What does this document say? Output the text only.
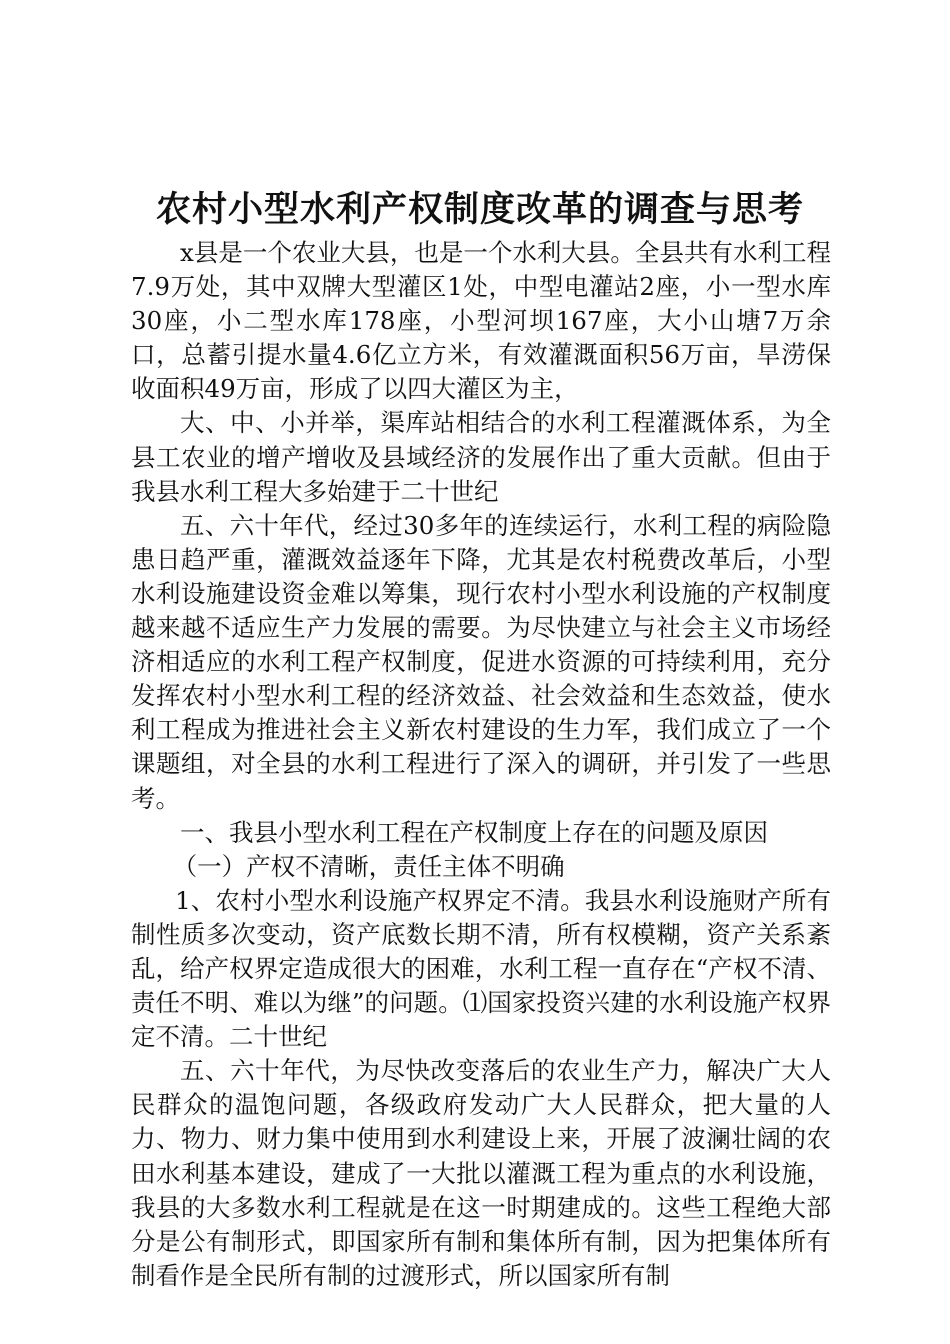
农村小型水利产权制度改革的调查与思考

x县是一个农业大县，也是一个水利大县。全县共有水利工程7.9万处，其中双牌大型灌区1处，中型电灌站2座，小一型水库30座，小二型水库178座，小型河坝167座，大小山塘7万余口，总蓄引提水量4.6亿立方米，有效灌溉面积56万亩，旱涝保收面积49万亩，形成了以四大灌区为主，

大、中、小并举，渠库站相结合的水利工程灌溉体系，为全县工农业的增产增收及县域经济的发展作出了重大贡献。但由于我县水利工程大多始建于二十世纪

五、六十年代，经过30多年的连续运行，水利工程的病险隐患日趋严重，灌溉效益逐年下降，尤其是农村税费改革后，小型水利设施建设资金难以筹集，现行农村小型水利设施的产权制度越来越不适应生产力发展的需要。为尽快建立与社会主义市场经济相适应的水利工程产权制度，促进水资源的可持续利用，充分发挥农村小型水利工程的经济效益、社会效益和生态效益，使水利工程成为推进社会主义新农村建设的生力军，我们成立了一个课题组，对全县的水利工程进行了深入的调研，并引发了一些思考。

一、我县小型水利工程在产权制度上存在的问题及原因

（一）产权不清晰，责任主体不明确

1、农村小型水利设施产权界定不清。我县水利设施财产所有制性质多次变动，资产底数长期不清，所有权模糊，资产关系紊乱，给产权界定造成很大的困难，水利工程一直存在“产权不清、责任不明、难以为继”的问题。⑴国家投资兴建的水利设施产权界定不清。二十世纪

五、六十年代，为尽快改变落后的农业生产力，解决广大人民群众的温饱问题，各级政府发动广大人民群众，把大量的人力、物力、财力集中使用到水利建设上来，开展了波澜壮阔的农田水利基本建设，建成了一大批以灌溉工程为重点的水利设施，我县的大多数水利工程就是在这一时期建成的。这些工程绝大部分是公有制形式，即国家所有制和集体所有制，因为把集体所有制看作是全民所有制的过渡形式，所以国家所有制
